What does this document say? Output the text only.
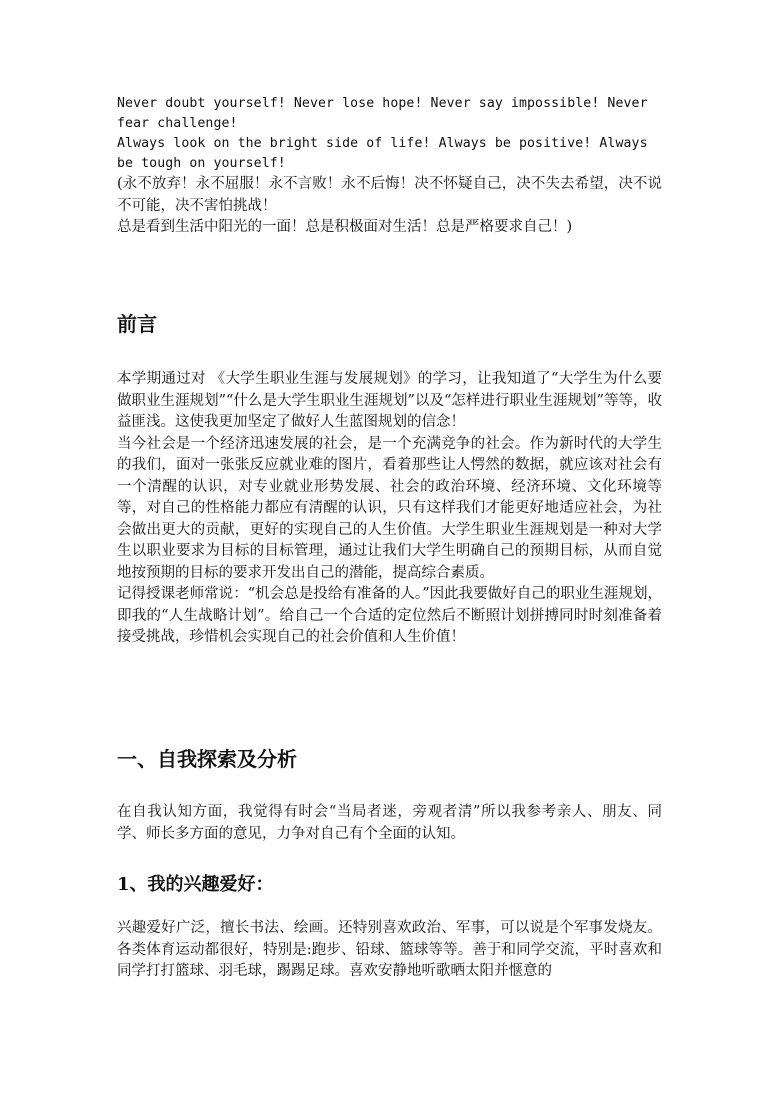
Never doubt yourself! Never lose hope! Never say impossible! Never fear challenge!

Always look on the bright side of life! Always be positive! Always be tough on yourself!

(永不放弃！永不屈服！永不言败！永不后悔！决不怀疑自己，决不失去希望，决不说不可能，决不害怕挑战！

总是看到生活中阳光的一面！总是积极面对生活！总是严格要求自己！)

前言

本学期通过对 《大学生职业生涯与发展规划》的学习，让我知道了“大学生为什么要做职业生涯规划”“什么是大学生职业生涯规划”以及“怎样进行职业生涯规划”等等，收益匪浅。这使我更加坚定了做好人生蓝图规划的信念！

当今社会是一个经济迅速发展的社会，是一个充满竞争的社会。作为新时代的大学生的我们，面对一张张反应就业难的图片，看着那些让人愕然的数据，就应该对社会有一个清醒的认识，对专业就业形势发展、社会的政治环境、经济环境、文化环境等等，对自己的性格能力都应有清醒的认识，只有这样我们才能更好地适应社会，为社会做出更大的贡献，更好的实现自己的人生价值。大学生职业生涯规划是一种对大学生以职业要求为目标的目标管理，通过让我们大学生明确自己的预期目标，从而自觉地按预期的目标的要求开发出自己的潜能，提高综合素质。

记得授课老师常说：“机会总是投给有准备的人。”因此我要做好自己的职业生涯规划，即我的“人生战略计划”。给自己一个合适的定位然后不断照计划拼搏同时时刻准备着接受挑战，珍惜机会实现自己的社会价值和人生价值！

一、自我探索及分析

在自我认知方面，我觉得有时会“当局者迷，旁观者清”所以我参考亲人、朋友、同学、师长多方面的意见，力争对自己有个全面的认知。

1、我的兴趣爱好：

兴趣爱好广泛，擅长书法、绘画。还特别喜欢政治、军事，可以说是个军事发烧友。各类体育运动都很好，特别是:跑步、铅球、篮球等等。善于和同学交流，平时喜欢和同学打打篮球、羽毛球，踢踢足球。喜欢安静地听歌晒太阳并惬意的
